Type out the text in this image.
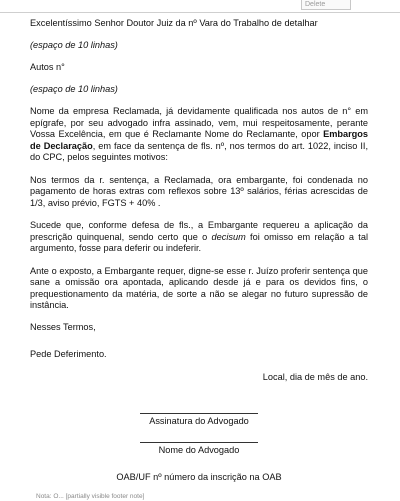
Delete

Excelentíssimo Senhor Doutor Juiz da nº Vara do Trabalho de detalhar

(espaço de 10 linhas)

Autos n°

(espaço de 10 linhas)

Nome da empresa Reclamada, já devidamente qualificada nos autos de n° em epígrafe, por seu advogado infra assinado, vem, mui respeitosamente, perante Vossa Excelência, em que é Reclamante Nome do Reclamante, opor Embargos de Declaração, em face da sentença de fls. nº, nos termos do art. 1022, inciso II, do CPC, pelos seguintes motivos:

Nos termos da r. sentença, a Reclamada, ora embargante, foi condenada no pagamento de horas extras com reflexos sobre 13º salários, férias acrescidas de 1/3, aviso prévio, FGTS + 40% .

Sucede que, conforme defesa de fls., a Embargante requereu a aplicação da prescrição quinquenal, sendo certo que o decisum foi omisso em relação a tal argumento, fosse para deferir ou indeferir.

Ante o exposto, a Embargante requer, digne-se esse r. Juízo proferir sentença que sane a omissão ora apontada, aplicando desde já e para os devidos fins, o prequestionamento da matéria, de sorte a não se alegar no futuro supressão de instância.

Nesses Termos,

Pede Deferimento.

Local, dia de mês de ano.

Assinatura do Advogado

Nome do Advogado

OAB/UF nº número da inscrição na OAB

Nota: O... [partially visible footer note]
